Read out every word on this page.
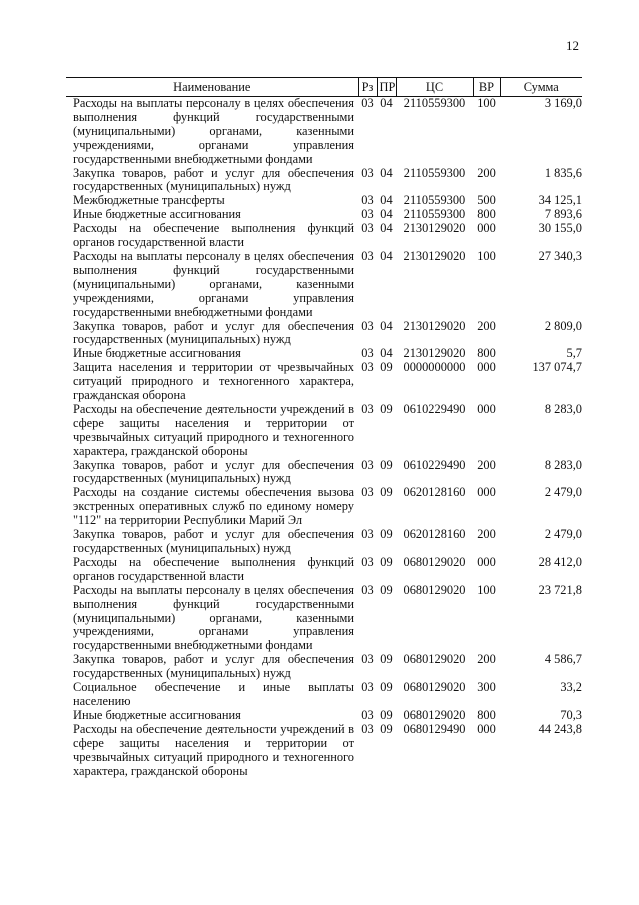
12
Наименование	Рз	ПР	ЦС	ВР	Сумма
Расходы на выплаты персоналу в целях обеспечения выполнения функций государственными (муниципальными) органами, казенными учреждениями, органами управления государственными внебюджетными фондами	03	04	2110559300	100	3 169,0
Закупка товаров, работ и услуг для обеспечения государственных (муниципальных) нужд	03	04	2110559300	200	1 835,6
Межбюджетные трансферты	03	04	2110559300	500	34 125,1
Иные бюджетные ассигнования	03	04	2110559300	800	7 893,6
Расходы на обеспечение выполнения функций органов государственной власти	03	04	2130129020	000	30 155,0
Расходы на выплаты персоналу в целях обеспечения выполнения функций государственными (муниципальными) органами, казенными учреждениями, органами управления государственными внебюджетными фондами	03	04	2130129020	100	27 340,3
Закупка товаров, работ и услуг для обеспечения государственных (муниципальных) нужд	03	04	2130129020	200	2 809,0
Иные бюджетные ассигнования	03	04	2130129020	800	5,7
Защита населения и территории от чрезвычайных ситуаций природного и техногенного характера, гражданская оборона	03	09	0000000000	000	137 074,7
Расходы на обеспечение деятельности учреждений в сфере защиты населения и территории от чрезвычайных ситуаций природного и техногенного характера, гражданской обороны	03	09	0610229490	000	8 283,0
Закупка товаров, работ и услуг для обеспечения государственных (муниципальных) нужд	03	09	0610229490	200	8 283,0
Расходы на создание системы обеспечения вызова экстренных оперативных служб по единому номеру "112" на территории Республики Марий Эл	03	09	0620128160	000	2 479,0
Закупка товаров, работ и услуг для обеспечения государственных (муниципальных) нужд	03	09	0620128160	200	2 479,0
Расходы на обеспечение выполнения функций органов государственной власти	03	09	0680129020	000	28 412,0
Расходы на выплаты персоналу в целях обеспечения выполнения функций государственными (муниципальными) органами, казенными учреждениями, органами управления государственными внебюджетными фондами	03	09	0680129020	100	23 721,8
Закупка товаров, работ и услуг для обеспечения государственных (муниципальных) нужд	03	09	0680129020	200	4 586,7
Социальное обеспечение и иные выплаты населению	03	09	0680129020	300	33,2
Иные бюджетные ассигнования	03	09	0680129020	800	70,3
Расходы на обеспечение деятельности учреждений в сфере защиты населения и территории от чрезвычайных ситуаций природного и техногенного характера, гражданской обороны	03	09	0680129490	000	44 243,8
